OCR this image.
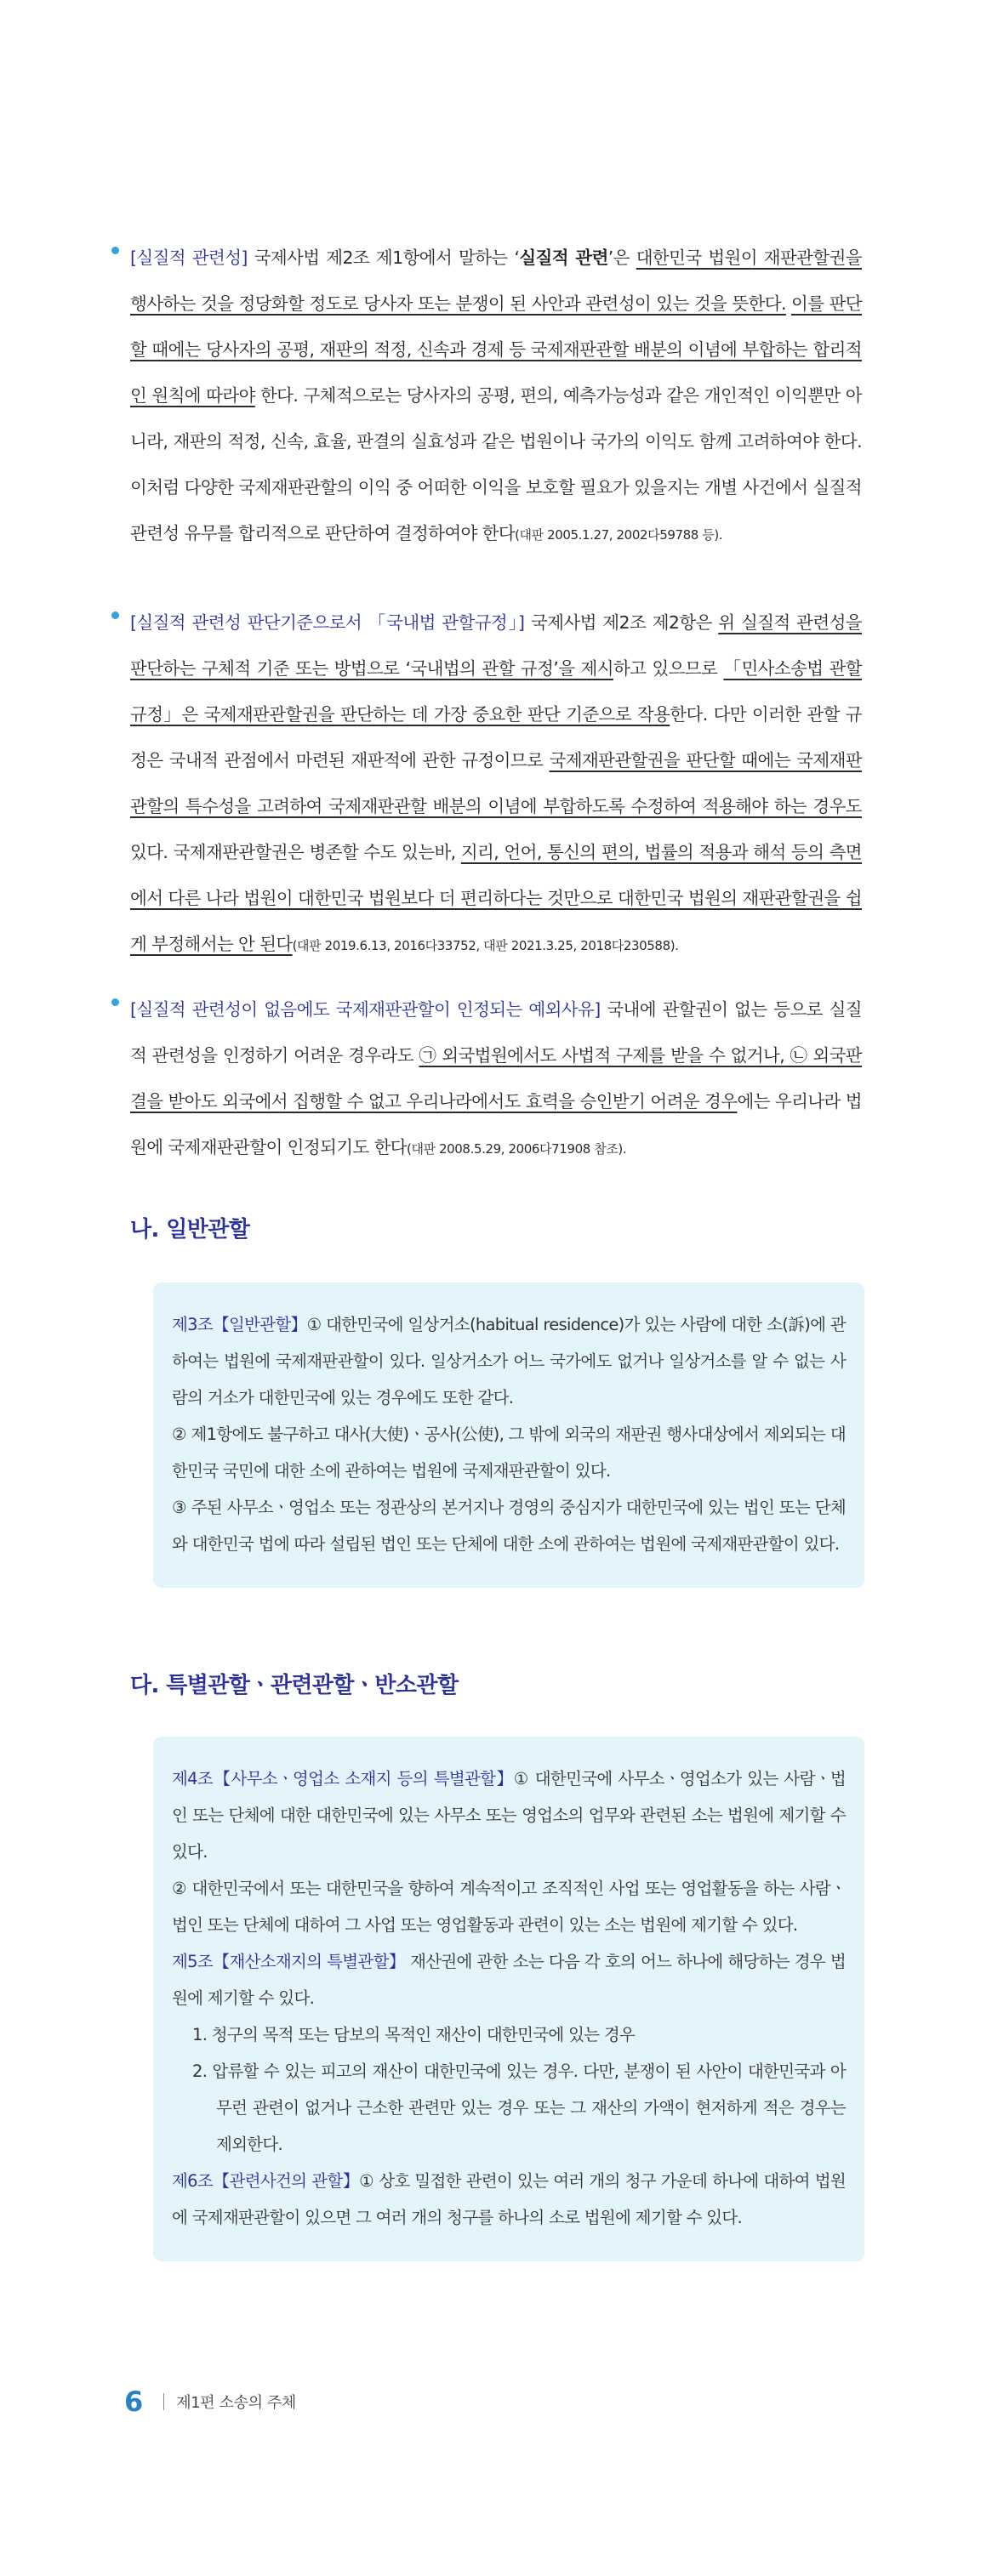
[실질적 관련성] 국제사법 제2조 제1항에서 말하는 ‘실질적 관련’은 대한민국 법원이 재판관할권을 행사하는 것을 정당화할 정도로 당사자 또는 분쟁이 된 사안과 관련성이 있는 것을 뜻한다. 이를 판단할 때에는 당사자의 공평, 재판의 적정, 신속과 경제 등 국제재판관할 배분의 이념에 부합하는 합리적인 원칙에 따라야 한다. 구체적으로는 당사자의 공평, 편의, 예측가능성과 같은 개인적인 이익뿐만 아니라, 재판의 적정, 신속, 효율, 판결의 실효성과 같은 법원이나 국가의 이익도 함께 고려하여야 한다. 이처럼 다양한 국제재판관할의 이익 중 어떠한 이익을 보호할 필요가 있을지는 개별 사건에서 실질적 관련성 유무를 합리적으로 판단하여 결정하여야 한다(대판 2005.1.27, 2002다59788 등).

[실질적 관련성 판단기준으로서 「국내법 관할규정」] 국제사법 제2조 제2항은 위 실질적 관련성을 판단하는 구체적 기준 또는 방법으로 ‘국내법의 관할 규정’을 제시하고 있으므로 「민사소송법 관할 규정」은 국제재판관할권을 판단하는 데 가장 중요한 판단 기준으로 작용한다. 다만 이러한 관할 규정은 국내적 관점에서 마련된 재판적에 관한 규정이므로 국제재판관할권을 판단할 때에는 국제재판관할의 특수성을 고려하여 국제재판관할 배분의 이념에 부합하도록 수정하여 적용해야 하는 경우도 있다. 국제재판관할권은 병존할 수도 있는바, 지리, 언어, 통신의 편의, 법률의 적용과 해석 등의 측면에서 다른 나라 법원이 대한민국 법원보다 더 편리하다는 것만으로 대한민국 법원의 재판관할권을 쉽게 부정해서는 안 된다(대판 2019.6.13, 2016다33752, 대판 2021.3.25, 2018다230588).

[실질적 관련성이 없음에도 국제재판관할이 인정되는 예외사유] 국내에 관할권이 없는 등으로 실질적 관련성을 인정하기 어려운 경우라도 ㉠ 외국법원에서도 사법적 구제를 받을 수 없거나, ㉡ 외국판결을 받아도 외국에서 집행할 수 없고 우리나라에서도 효력을 승인받기 어려운 경우에는 우리나라 법원에 국제재판관할이 인정되기도 한다(대판 2008.5.29, 2006다71908 참조).

나. 일반관할

제3조【일반관할】① 대한민국에 일상거소(habitual residence)가 있는 사람에 대한 소(訴)에 관하여는 법원에 국제재판관할이 있다. 일상거소가 어느 국가에도 없거나 일상거소를 알 수 없는 사람의 거소가 대한민국에 있는 경우에도 또한 같다.

② 제1항에도 불구하고 대사(大使)ㆍ공사(公使), 그 밖에 외국의 재판권 행사대상에서 제외되는 대한민국 국민에 대한 소에 관하여는 법원에 국제재판관할이 있다.

③ 주된 사무소ㆍ영업소 또는 정관상의 본거지나 경영의 중심지가 대한민국에 있는 법인 또는 단체와 대한민국 법에 따라 설립된 법인 또는 단체에 대한 소에 관하여는 법원에 국제재판관할이 있다.

다. 특별관할ㆍ관련관할ㆍ반소관할

제4조【사무소ㆍ영업소 소재지 등의 특별관할】① 대한민국에 사무소ㆍ영업소가 있는 사람ㆍ법인 또는 단체에 대한 대한민국에 있는 사무소 또는 영업소의 업무와 관련된 소는 법원에 제기할 수 있다.

② 대한민국에서 또는 대한민국을 향하여 계속적이고 조직적인 사업 또는 영업활동을 하는 사람ㆍ법인 또는 단체에 대하여 그 사업 또는 영업활동과 관련이 있는 소는 법원에 제기할 수 있다.

제5조【재산소재지의 특별관할】 재산권에 관한 소는 다음 각 호의 어느 하나에 해당하는 경우 법원에 제기할 수 있다.

1. 청구의 목적 또는 담보의 목적인 재산이 대한민국에 있는 경우

2. 압류할 수 있는 피고의 재산이 대한민국에 있는 경우. 다만, 분쟁이 된 사안이 대한민국과 아무런 관련이 없거나 근소한 관련만 있는 경우 또는 그 재산의 가액이 현저하게 적은 경우는 제외한다.

제6조【관련사건의 관할】① 상호 밀접한 관련이 있는 여러 개의 청구 가운데 하나에 대하여 법원에 국제재판관할이 있으면 그 여러 개의 청구를 하나의 소로 법원에 제기할 수 있다.

6 제1편 소송의 주체
